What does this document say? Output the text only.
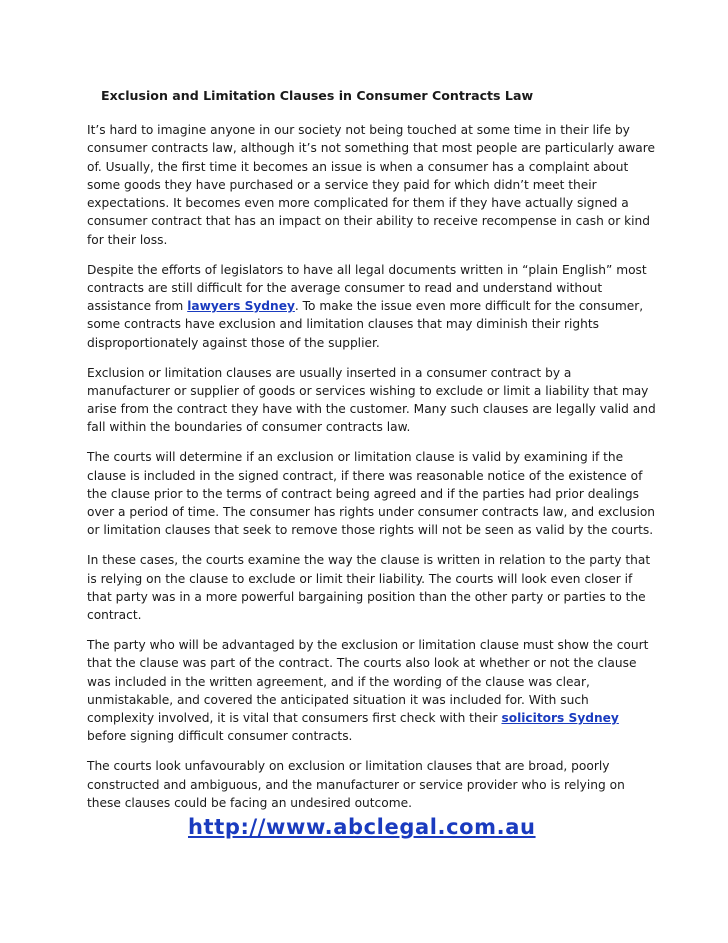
Exclusion and Limitation Clauses in Consumer Contracts Law
It’s hard to imagine anyone in our society not being touched at some time in their life by
consumer contracts law, although it’s not something that most people are particularly aware
of. Usually, the first time it becomes an issue is when a consumer has a complaint about
some goods they have purchased or a service they paid for which didn’t meet their
expectations. It becomes even more complicated for them if they have actually signed a
consumer contract that has an impact on their ability to receive recompense in cash or kind
for their loss.
Despite the efforts of legislators to have all legal documents written in “plain English” most
contracts are still difficult for the average consumer to read and understand without
assistance from lawyers Sydney. To make the issue even more difficult for the consumer,
some contracts have exclusion and limitation clauses that may diminish their rights
disproportionately against those of the supplier.
Exclusion or limitation clauses are usually inserted in a consumer contract by a
manufacturer or supplier of goods or services wishing to exclude or limit a liability that may
arise from the contract they have with the customer. Many such clauses are legally valid and
fall within the boundaries of consumer contracts law.
The courts will determine if an exclusion or limitation clause is valid by examining if the
clause is included in the signed contract, if there was reasonable notice of the existence of
the clause prior to the terms of contract being agreed and if the parties had prior dealings
over a period of time. The consumer has rights under consumer contracts law, and exclusion
or limitation clauses that seek to remove those rights will not be seen as valid by the courts.
In these cases, the courts examine the way the clause is written in relation to the party that
is relying on the clause to exclude or limit their liability. The courts will look even closer if
that party was in a more powerful bargaining position than the other party or parties to the
contract.
The party who will be advantaged by the exclusion or limitation clause must show the court
that the clause was part of the contract. The courts also look at whether or not the clause
was included in the written agreement, and if the wording of the clause was clear,
unmistakable, and covered the anticipated situation it was included for. With such
complexity involved, it is vital that consumers first check with their solicitors Sydney
before signing difficult consumer contracts.
The courts look unfavourably on exclusion or limitation clauses that are broad, poorly
constructed and ambiguous, and the manufacturer or service provider who is relying on
these clauses could be facing an undesired outcome.
http://www.abclegal.com.au
